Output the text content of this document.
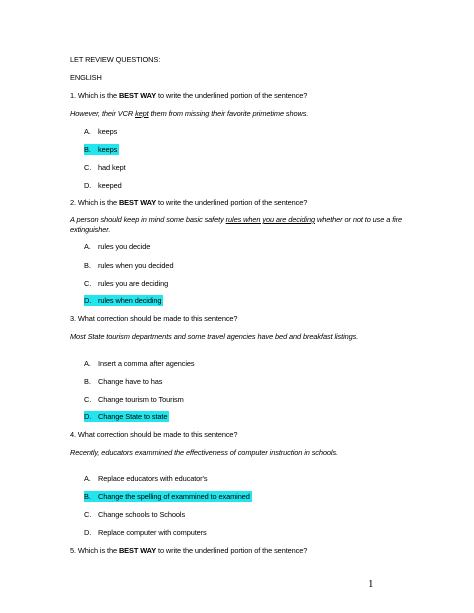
LET REVIEW QUESTIONS:
ENGLISH
1. Which is the BEST WAY to write the underlined portion of the sentence?
However, their VCR kept them from missing their favorite primetime shows.
A. keeps
B. keeps
C. had kept
D. keeped
2. Which is the BEST WAY to write the underlined portion of the sentence?
A person should keep in mind some basic safety rules when you are deciding whether or not to use a fire extinguisher.
A. rules you decide
B. rules when you decided
C. rules you are deciding
D. rules when deciding
3. What correction should be made to this sentence?
Most State tourism departments and some travel agencies have bed and breakfast listings.
A. Insert a comma after agencies
B. Change have to has
C. Change tourism to Tourism
D. Change State to state
4. What correction should be made to this sentence?
Recently, educators exammined the effectiveness of computer instruction in schools.
A. Replace educators with educator's
B. Change the spelling of exammined to examined
C. Change schools to Schools
D. Replace computer with computers
5. Which is the BEST WAY to write the underlined portion of the sentence?
1
